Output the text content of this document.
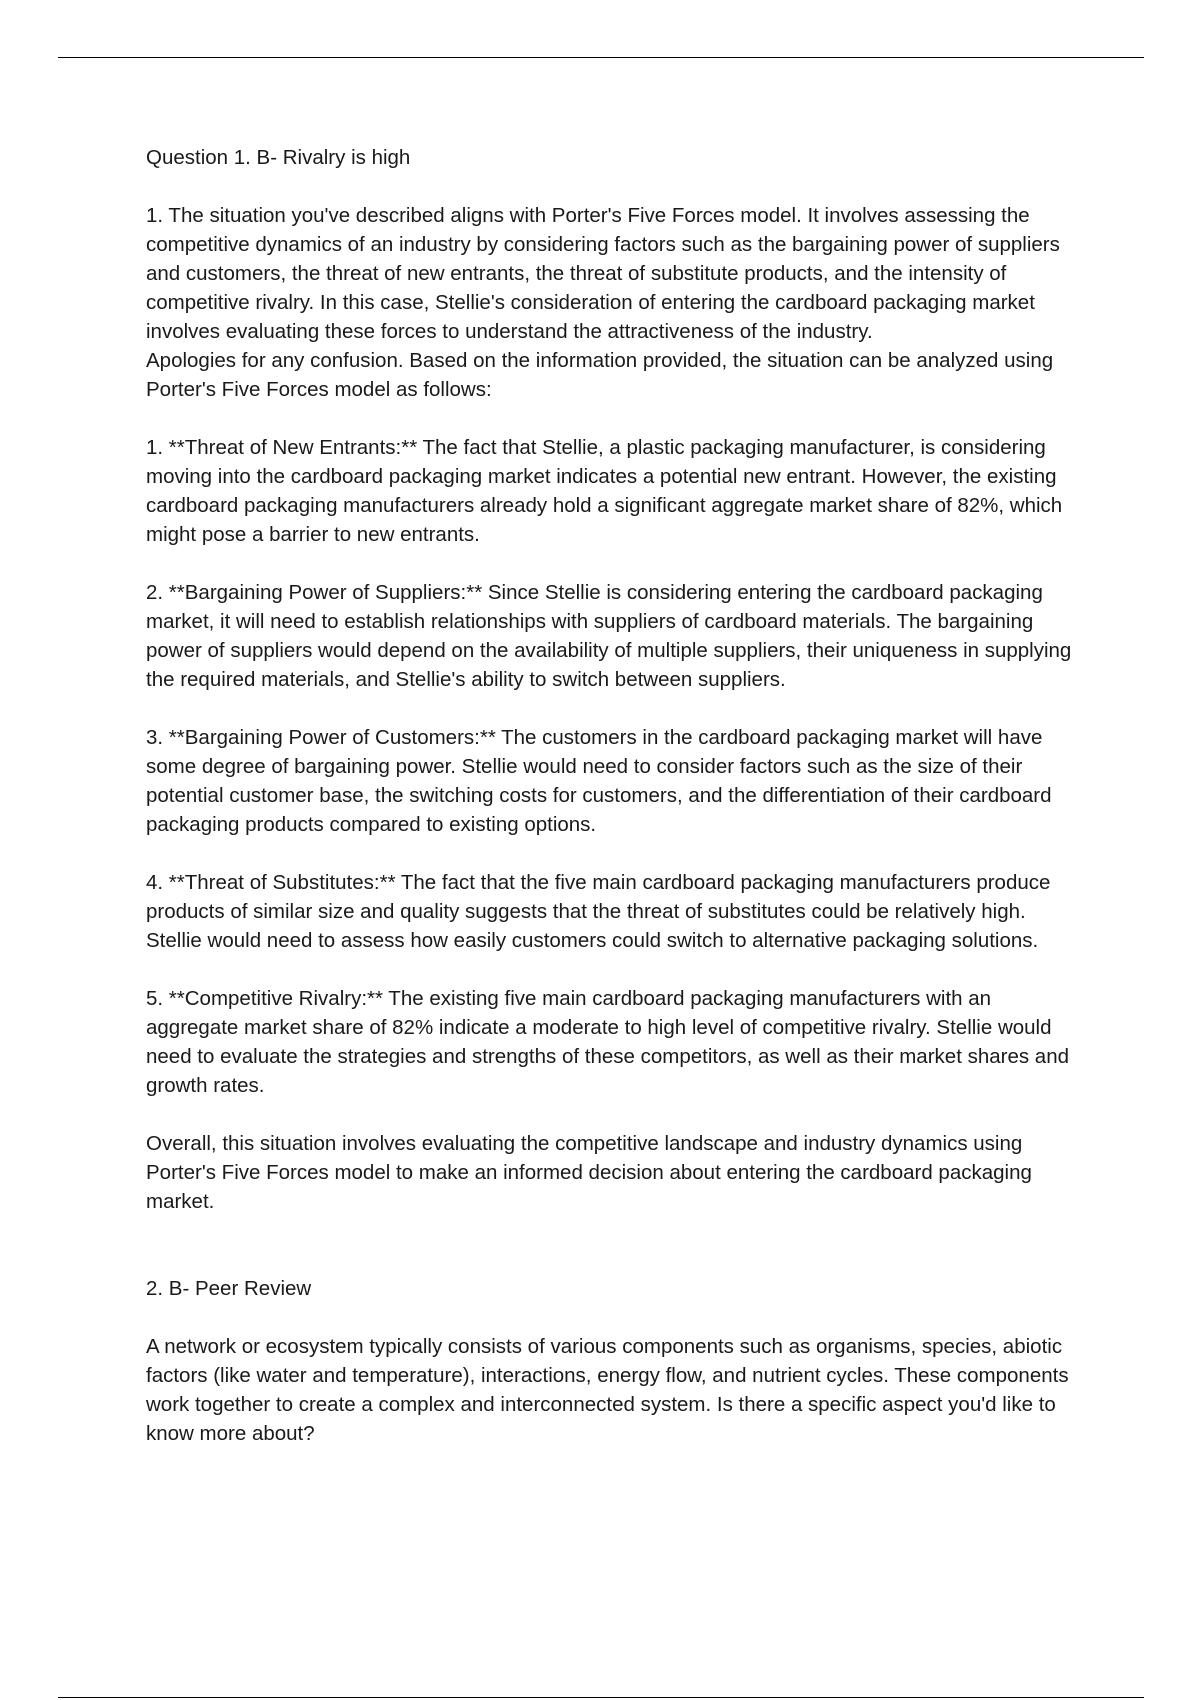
Question 1. B- Rivalry is high

1. The situation you've described aligns with Porter's Five Forces model. It involves assessing the competitive dynamics of an industry by considering factors such as the bargaining power of suppliers and customers, the threat of new entrants, the threat of substitute products, and the intensity of competitive rivalry. In this case, Stellie's consideration of entering the cardboard packaging market involves evaluating these forces to understand the attractiveness of the industry.

Apologies for any confusion. Based on the information provided, the situation can be analyzed using Porter's Five Forces model as follows:

1. **Threat of New Entrants:** The fact that Stellie, a plastic packaging manufacturer, is considering moving into the cardboard packaging market indicates a potential new entrant. However, the existing cardboard packaging manufacturers already hold a significant aggregate market share of 82%, which might pose a barrier to new entrants.

2. **Bargaining Power of Suppliers:** Since Stellie is considering entering the cardboard packaging market, it will need to establish relationships with suppliers of cardboard materials. The bargaining power of suppliers would depend on the availability of multiple suppliers, their uniqueness in supplying the required materials, and Stellie's ability to switch between suppliers.

3. **Bargaining Power of Customers:** The customers in the cardboard packaging market will have some degree of bargaining power. Stellie would need to consider factors such as the size of their potential customer base, the switching costs for customers, and the differentiation of their cardboard packaging products compared to existing options.

4. **Threat of Substitutes:** The fact that the five main cardboard packaging manufacturers produce products of similar size and quality suggests that the threat of substitutes could be relatively high. Stellie would need to assess how easily customers could switch to alternative packaging solutions.

5. **Competitive Rivalry:** The existing five main cardboard packaging manufacturers with an aggregate market share of 82% indicate a moderate to high level of competitive rivalry. Stellie would need to evaluate the strategies and strengths of these competitors, as well as their market shares and growth rates.

Overall, this situation involves evaluating the competitive landscape and industry dynamics using Porter's Five Forces model to make an informed decision about entering the cardboard packaging market.

2. B- Peer Review

A network or ecosystem typically consists of various components such as organisms, species, abiotic factors (like water and temperature), interactions, energy flow, and nutrient cycles. These components work together to create a complex and interconnected system. Is there a specific aspect you'd like to know more about?
